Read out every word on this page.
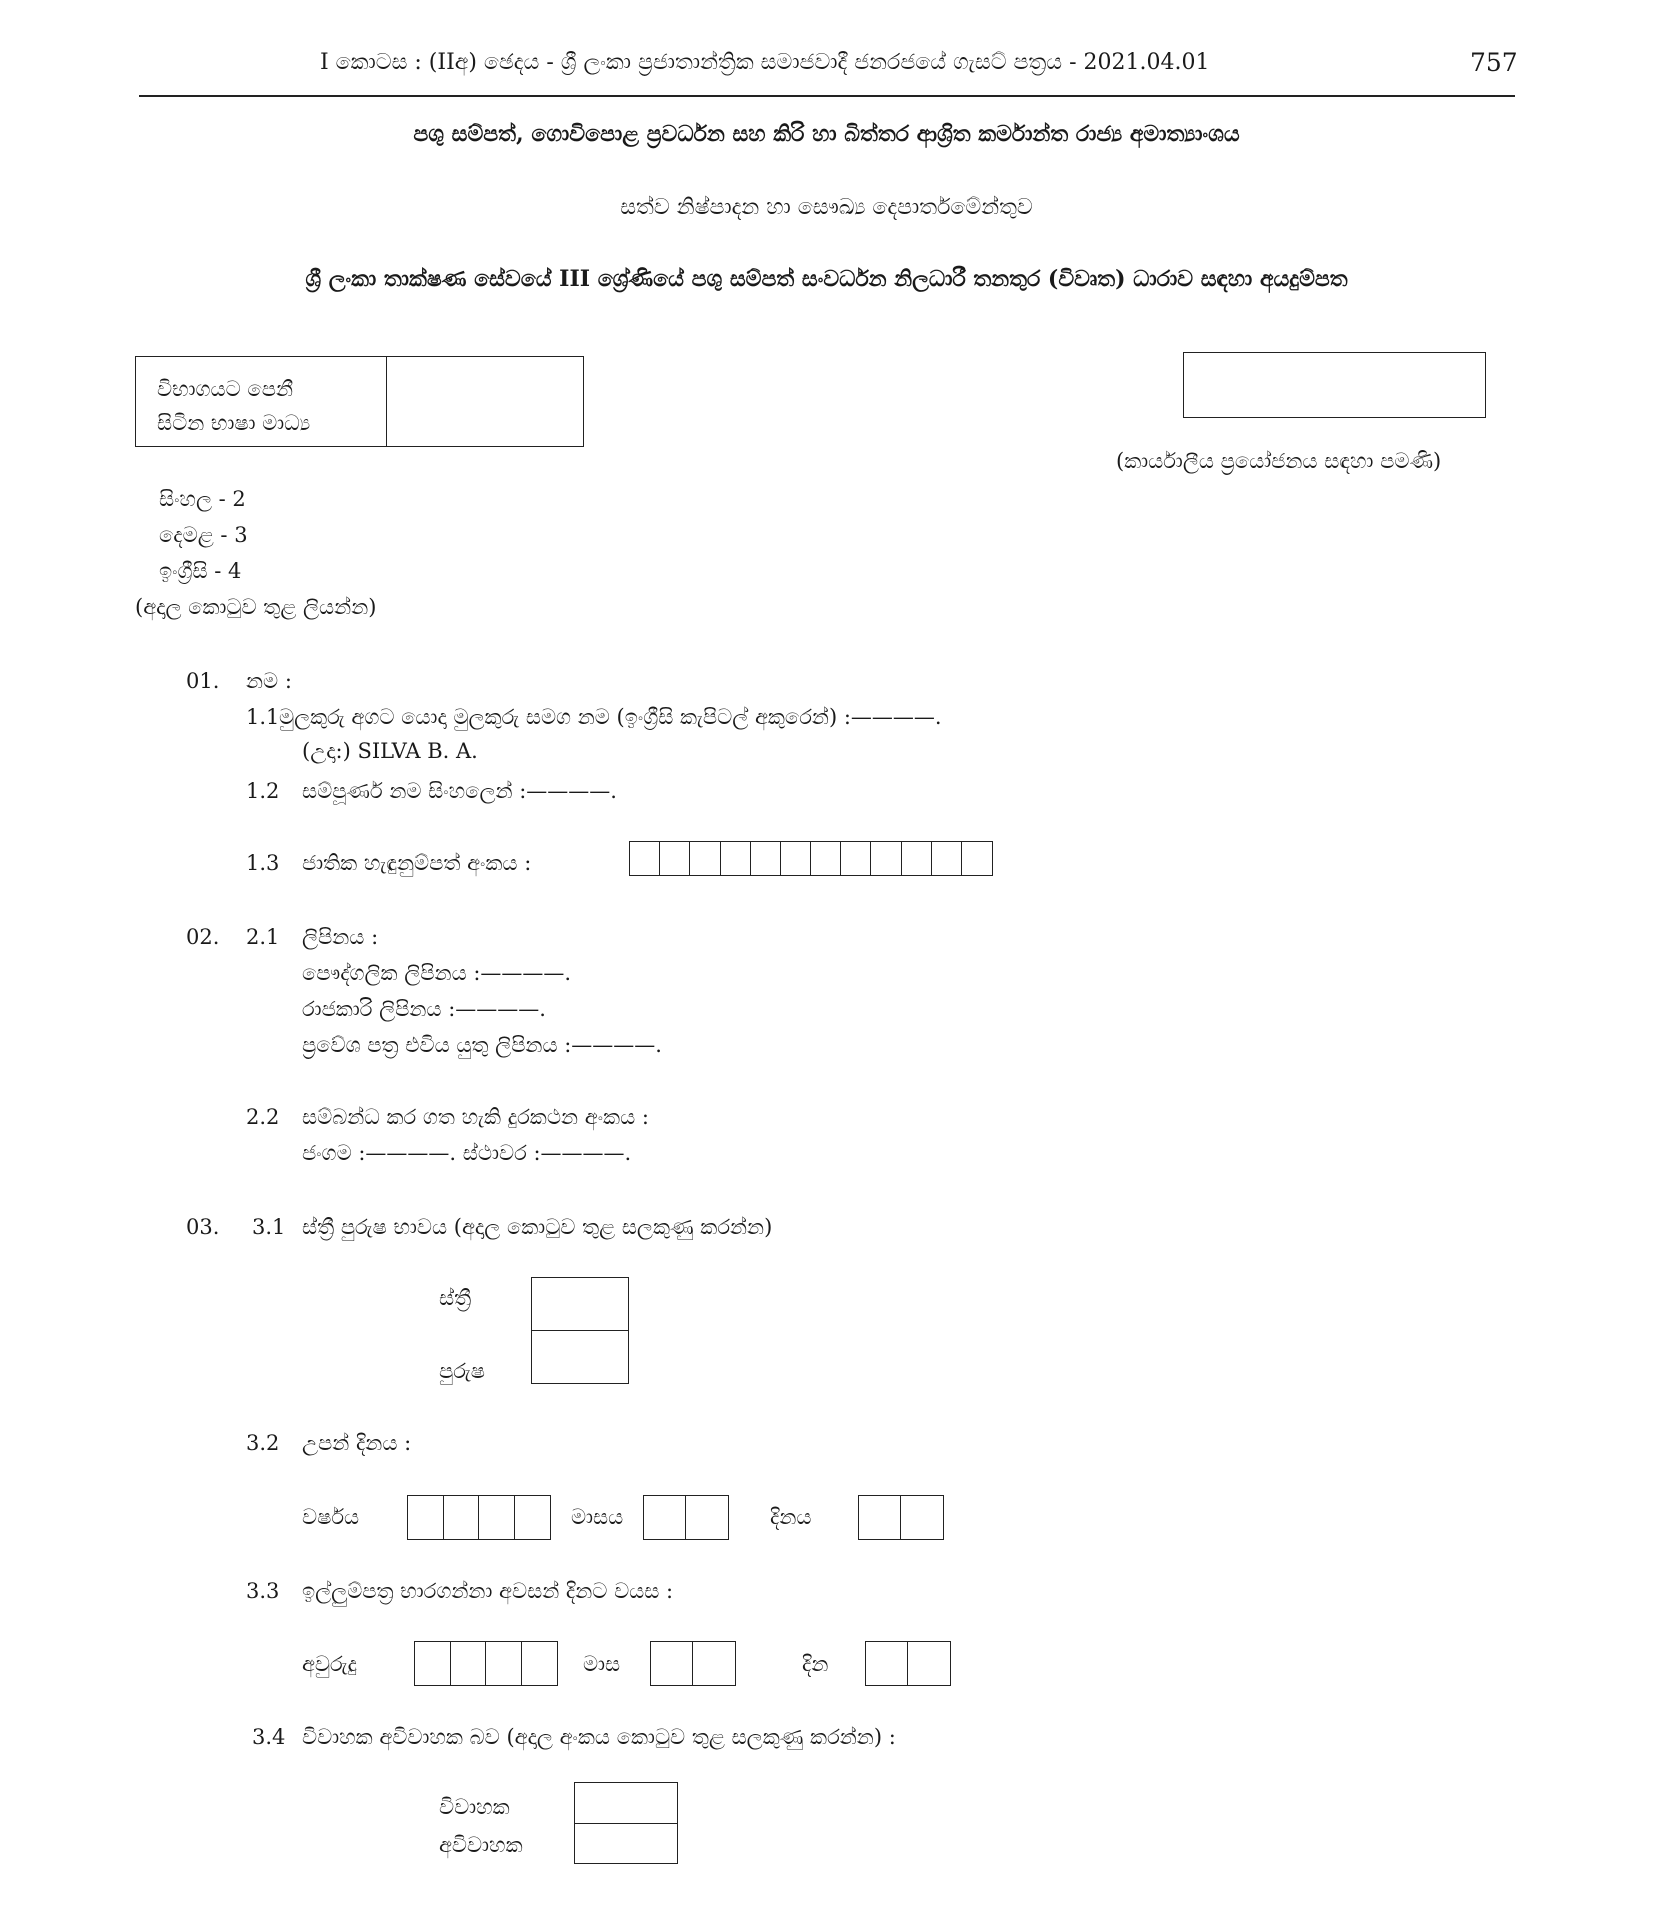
I කොටස : (IIඅ) ඡෙදය - ශ්‍රී ලංකා ප්‍රජාතාන්ත්‍රික සමාජවාදී ජනරජයේ ගැසට් පත්‍රය - 2021.04.01	757
පශු සම්පත්, ගොවිපොළ ප්‍රවර්ධන සහ කිරි හා බිත්තර ආශ්‍රිත කර්මාන්ත රාජ්‍ය අමාත්‍යාංශය
සත්ව නිෂ්පාදන හා සෞඛ්‍ය දෙපාර්තමේන්තුව
ශ්‍රී ලංකා තාක්ෂණ සේවයේ III ශ්‍රේණියේ පශු සම්පත් සංවර්ධන නිලධාරී තනතුර (විවෘත) ධාරාව සඳහා අයදුම්පත
විභාගයට පෙනී
සිටින භාෂා මාධ්‍ය
(කාර්යාලීය ප්‍රයෝජනය සඳහා පමණි)
සිංහල - 2
දෙමළ - 3
ඉංග්‍රීසි - 4
(අදාල කොටුව තුළ ලියන්න)
01. නම :
1.1 මුලකුරු අගට යොදා මුලකුරු සමග නම (ඉංග්‍රීසි කැපිටල් අකුරෙන්) :————.
(උදා:) SILVA B. A.
1.2 සම්පූර්ණ නම සිංහලෙන් :————.
1.3 ජාතික හැඳුනුම්පත් අංකය :
02. 2.1 ලිපිනය :
පෞද්ගලික ලිපිනය :————.
රාජකාරි ලිපිනය :————.
ප්‍රවේශ පත්‍ර එවිය යුතු ලිපිනය :————.
2.2 සම්බන්ධ කර ගත හැකි දුරකථන අංකය :
ජංගම :————. ස්ථාවර :————.
03. 3.1 ස්ත්‍රී පුරුෂ භාවය (අදාල කොටුව තුළ සලකුණු කරන්න)
ස්ත්‍රී
පුරුෂ
3.2 උපන් දිනය :
වර්ෂය	මාසය	දිනය
3.3 ඉල්ලුම්පත්‍ර භාරගන්නා අවසන් දිනට වයස :
අවුරුදු	මාස	දින
3.4 විවාහක අවිවාහක බව (අදාල අංකය කොටුව තුළ සලකුණු කරන්න) :
විවාහක
අවිවාහක
